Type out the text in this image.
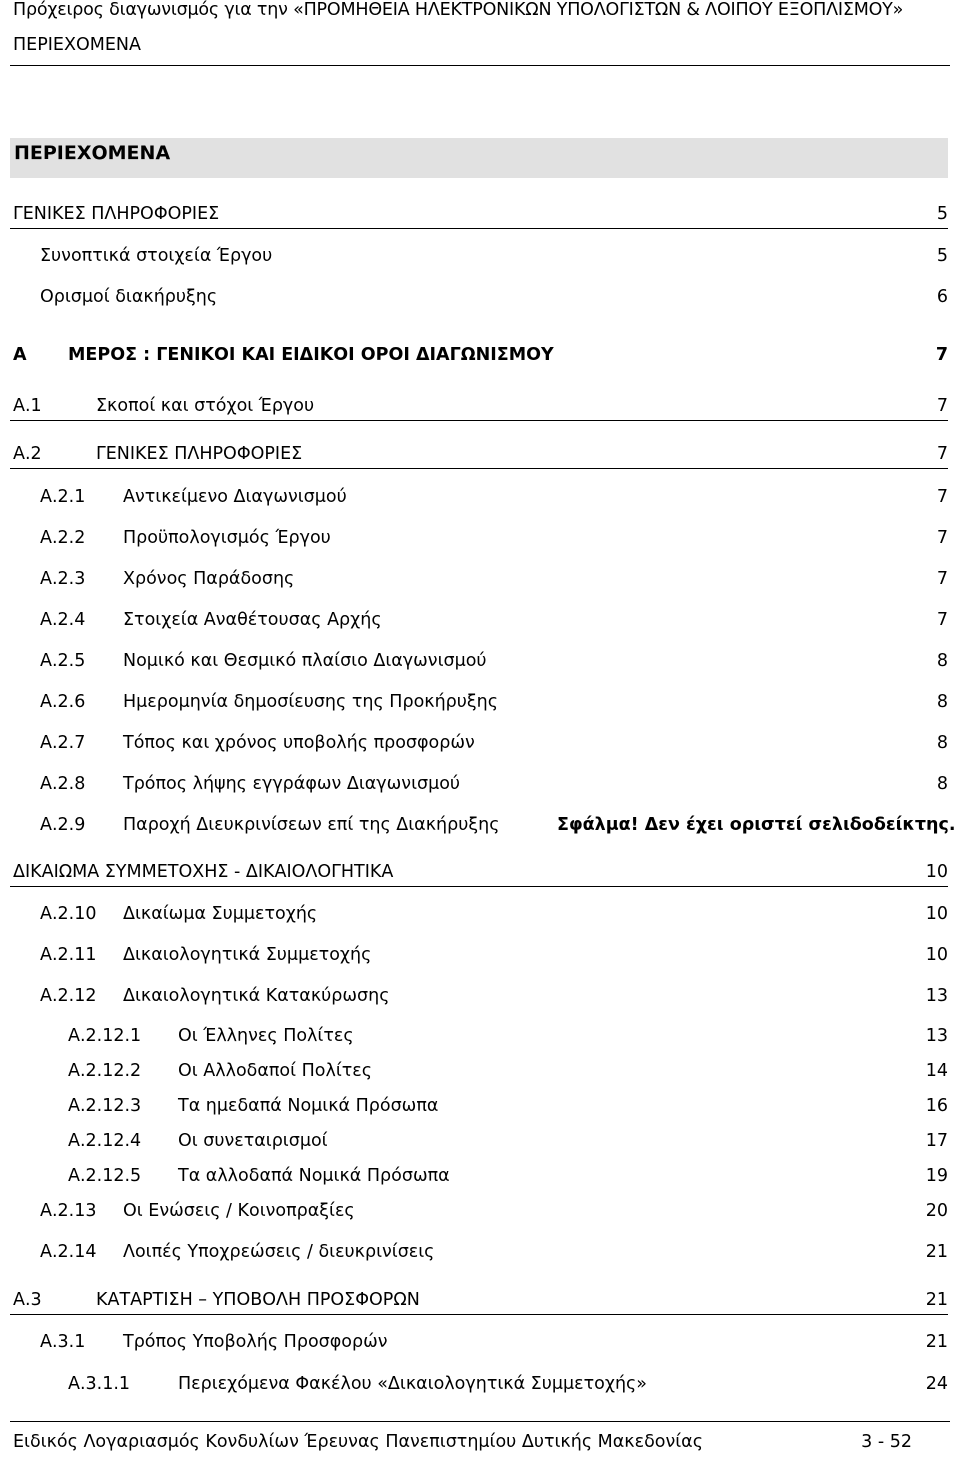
Πρόχειρος διαγωνισμός για την «ΠΡΟΜΗΘΕΙΑ ΗΛΕΚΤΡΟΝΙΚΩΝ ΥΠΟΛΟΓΙΣΤΩΝ & ΛΟΙΠΟΥ ΕΞΟΠΛΙΣΜΟΥ»
ΠΕΡΙΕΧΟΜΕΝΑ
ΠΕΡΙΕΧΟΜΕΝΑ
ΓΕΝΙΚΕΣ ΠΛΗΡΟΦΟΡΙΕΣ	5
Συνοπτικά στοιχεία Έργου	5
Ορισμοί διακήρυξης	6
Α ΜΕΡΟΣ : ΓΕΝΙΚΟΙ ΚΑΙ ΕΙΔΙΚΟΙ ΟΡΟΙ ΔΙΑΓΩΝΙΣΜΟΥ	7
Α.1	Σκοποί και στόχοι Έργου	7
Α.2	ΓΕΝΙΚΕΣ ΠΛΗΡΟΦΟΡΙΕΣ	7
Α.2.1 Αντικείμενο Διαγωνισμού	7
Α.2.2 Προϋπολογισμός Έργου	7
Α.2.3 Χρόνος Παράδοσης	7
Α.2.4 Στοιχεία Αναθέτουσας Αρχής	7
Α.2.5 Νομικό και Θεσμικό πλαίσιο Διαγωνισμού	8
Α.2.6 Ημερομηνία δημοσίευσης της Προκήρυξης	8
Α.2.7 Τόπος και χρόνος υποβολής προσφορών	8
Α.2.8 Τρόπος λήψης εγγράφων Διαγωνισμού	8
Α.2.9 Παροχή Διευκρινίσεων επί της Διακήρυξης	Σφάλμα! Δεν έχει οριστεί σελιδοδείκτης.
ΔΙΚΑΙΩΜΑ ΣΥΜΜΕΤΟΧΗΣ - ΔΙΚΑΙΟΛΟΓΗΤΙΚΑ	10
Α.2.10 Δικαίωμα Συμμετοχής	10
Α.2.11 Δικαιολογητικά Συμμετοχής	10
Α.2.12 Δικαιολογητικά Κατακύρωσης	13
Α.2.12.1 Οι Έλληνες Πολίτες	13
Α.2.12.2 Οι Αλλοδαποί Πολίτες	14
Α.2.12.3 Τα ημεδαπά Νομικά Πρόσωπα	16
Α.2.12.4 Οι συνεταιρισμοί	17
Α.2.12.5 Τα αλλοδαπά Νομικά Πρόσωπα	19
Α.2.13 Οι Ενώσεις / Κοινοπραξίες	20
Α.2.14 Λοιπές Υποχρεώσεις / διευκρινίσεις	21
Α.3	ΚΑΤΑΡΤΙΣΗ – ΥΠΟΒΟΛΗ ΠΡΟΣΦΟΡΩΝ	21
Α.3.1 Τρόπος Υποβολής Προσφορών	21
Α.3.1.1	Περιεχόμενα Φακέλου «Δικαιολογητικά Συμμετοχής»	24
Ειδικός Λογαριασμός Κονδυλίων Έρευνας Πανεπιστημίου Δυτικής Μακεδονίας	3 - 52
